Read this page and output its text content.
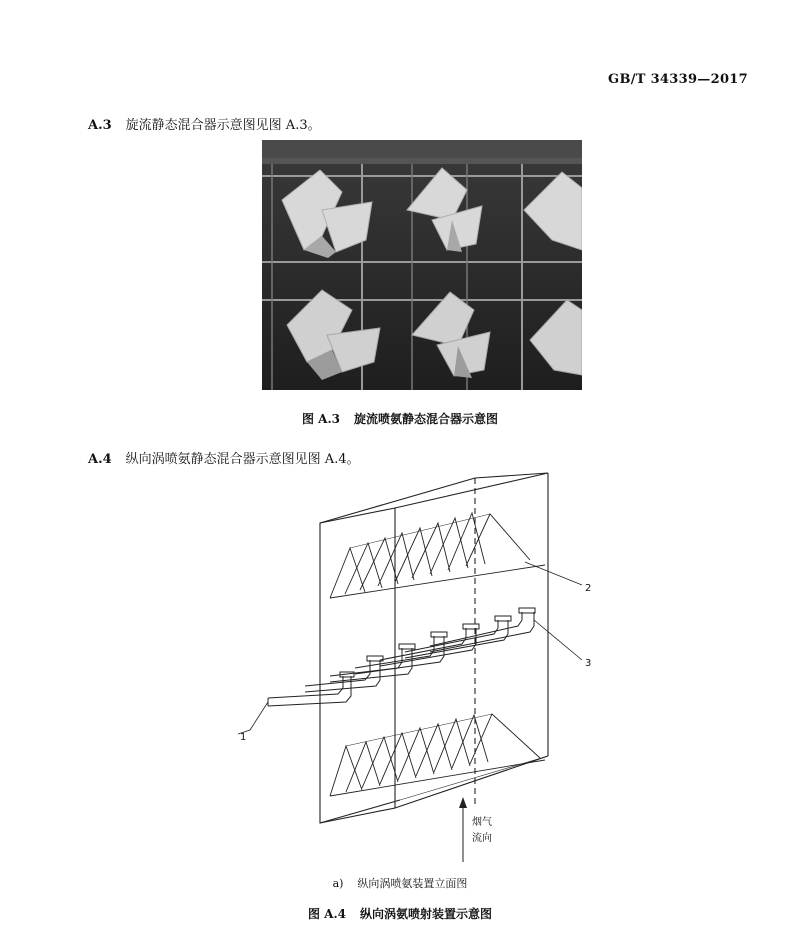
GB/T 34339—2017
A.3 旋流静态混合器示意图见图 A.3。
图 A.3 旋流喷氨静态混合器示意图
A.4 纵向涡喷氨静态混合器示意图见图 A.4。
1
2
3
烟气
流向
a) 纵向涡喷氨装置立面图
图 A.4 纵向涡氨喷射装置示意图
